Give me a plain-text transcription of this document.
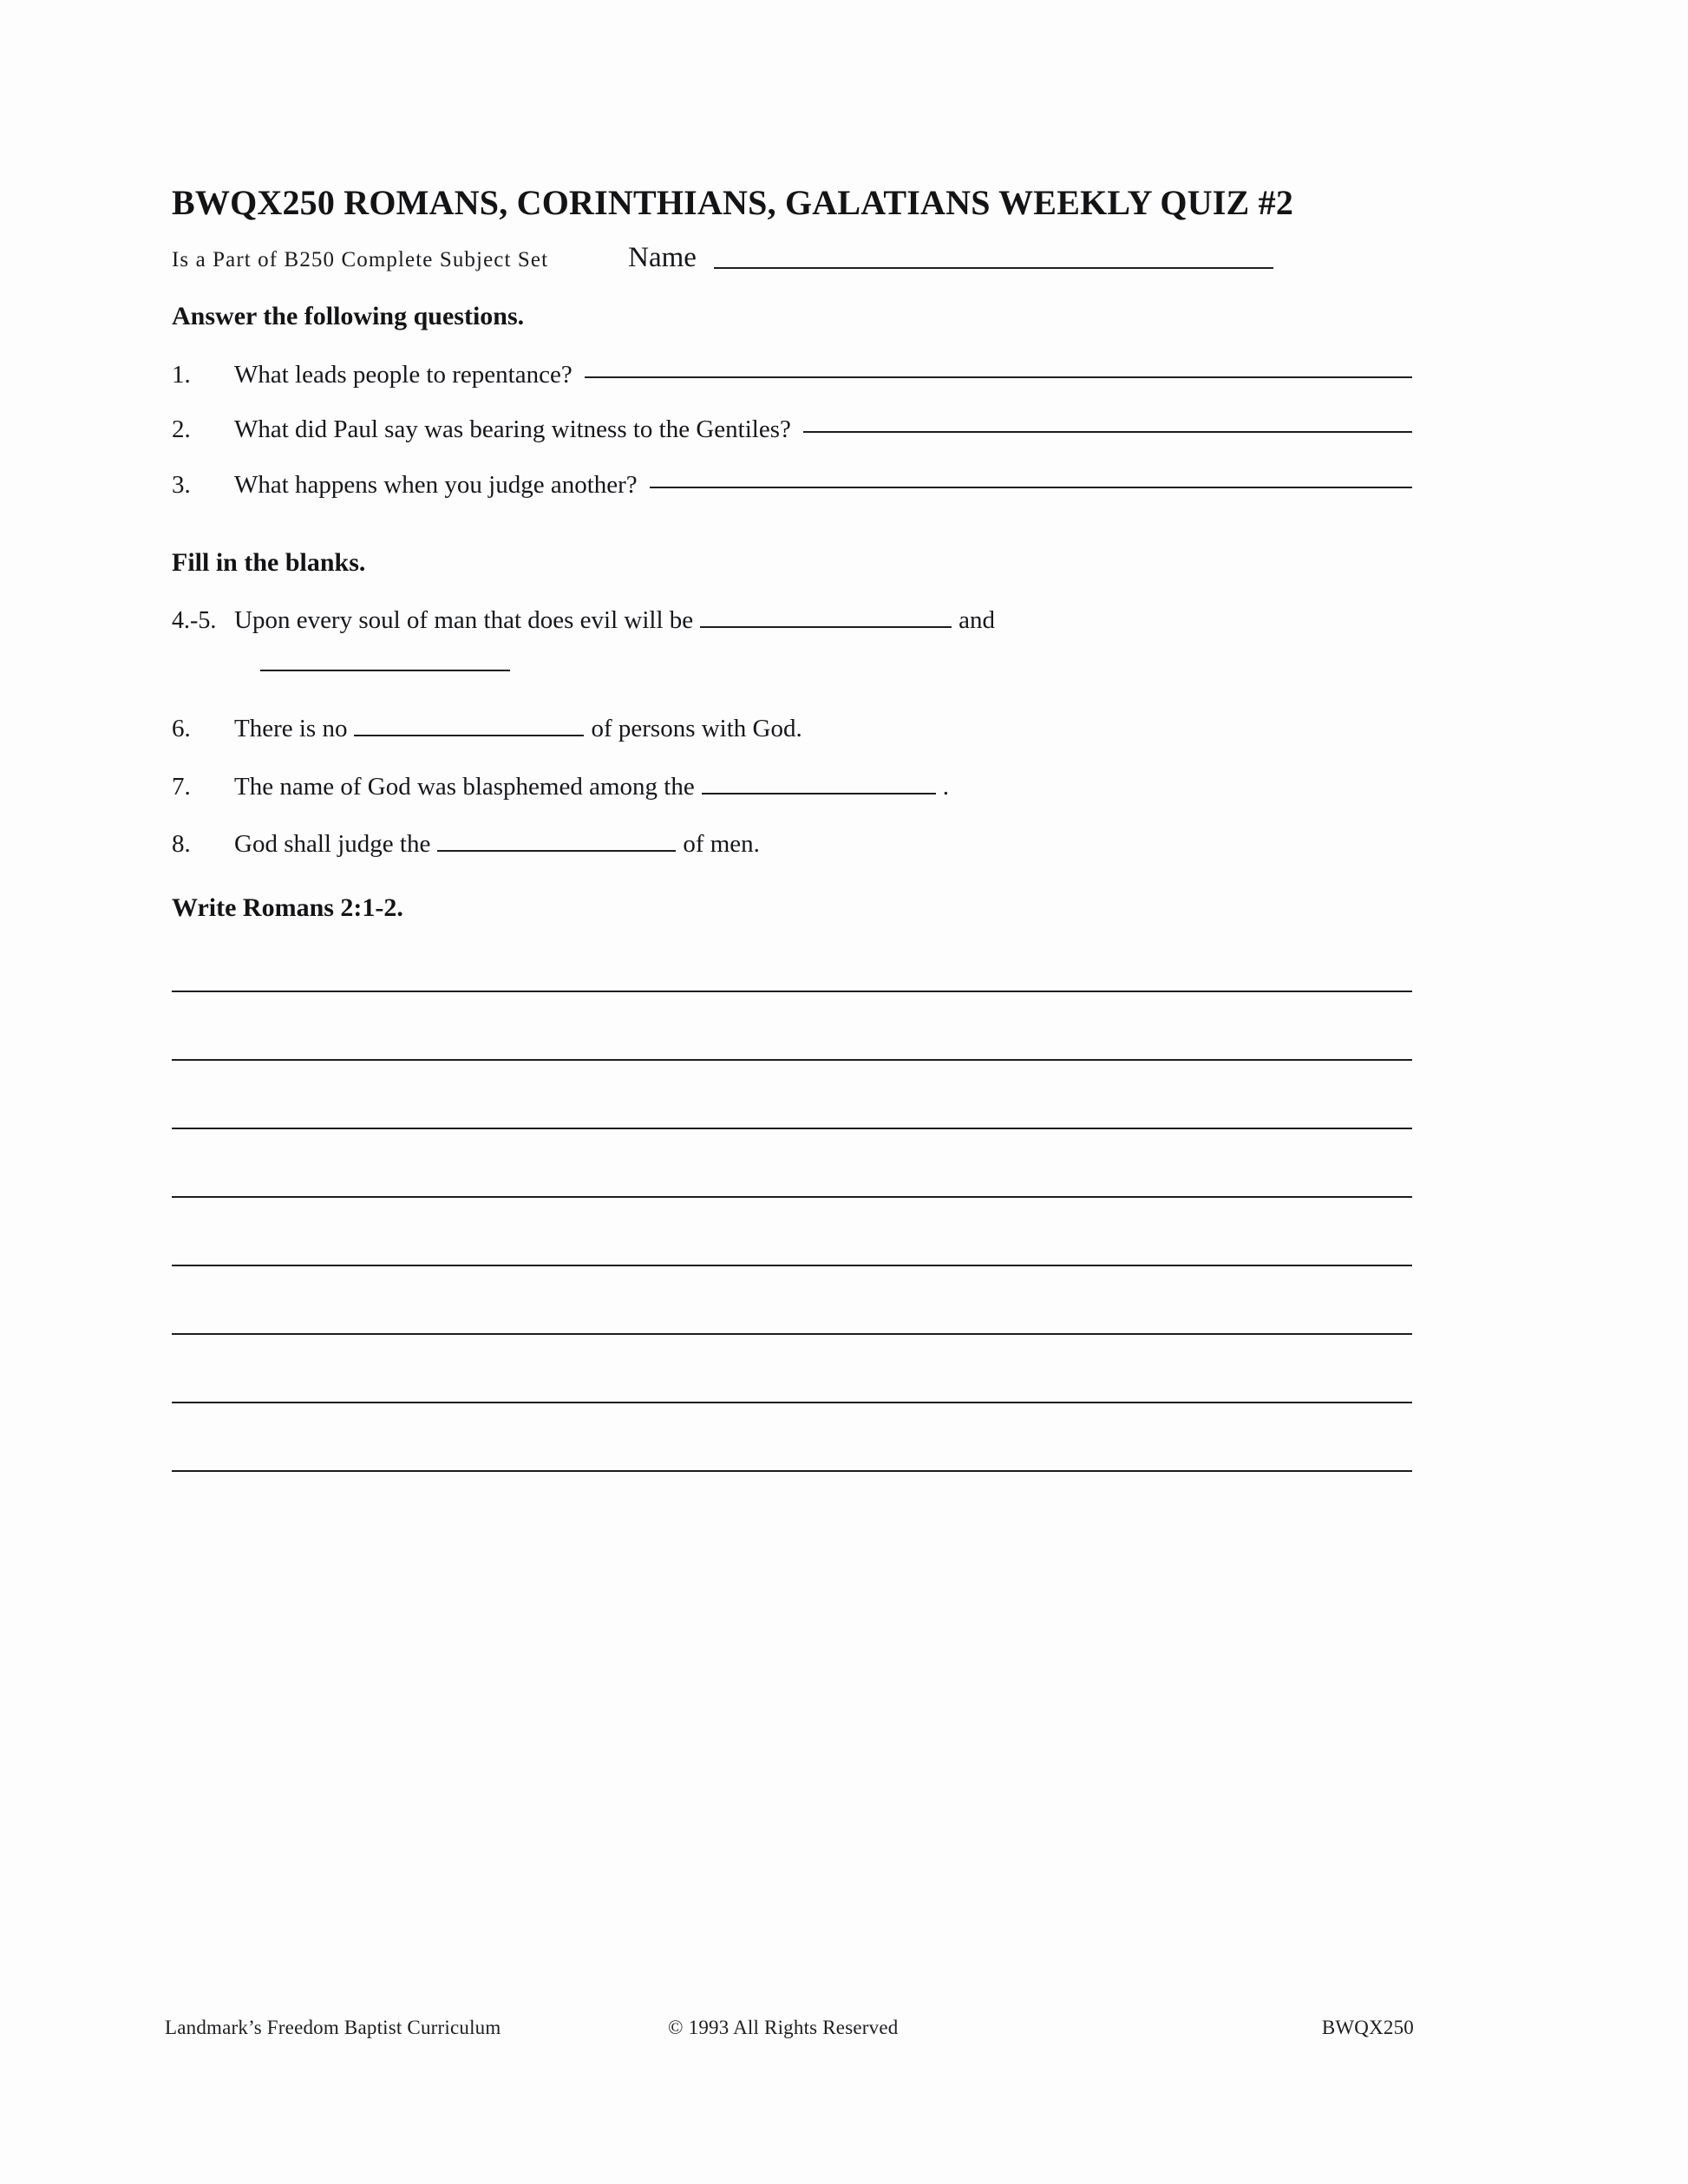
BWQX250 ROMANS, CORINTHIANS, GALATIANS WEEKLY QUIZ #2
Is a Part of B250 Complete Subject Set	Name
Answer the following questions.
1.	What leads people to repentance?
2.	What did Paul say was bearing witness to the Gentiles?
3.	What happens when you judge another?
Fill in the blanks.
4.-5. Upon every soul of man that does evil will be	and
6.	There is no	of persons with God.
7.	The name of God was blasphemed among the	.
8.	God shall judge the	of men.
Write Romans 2:1-2.
Landmark’s Freedom Baptist Curriculum	© 1993 All Rights Reserved	BWQX250
